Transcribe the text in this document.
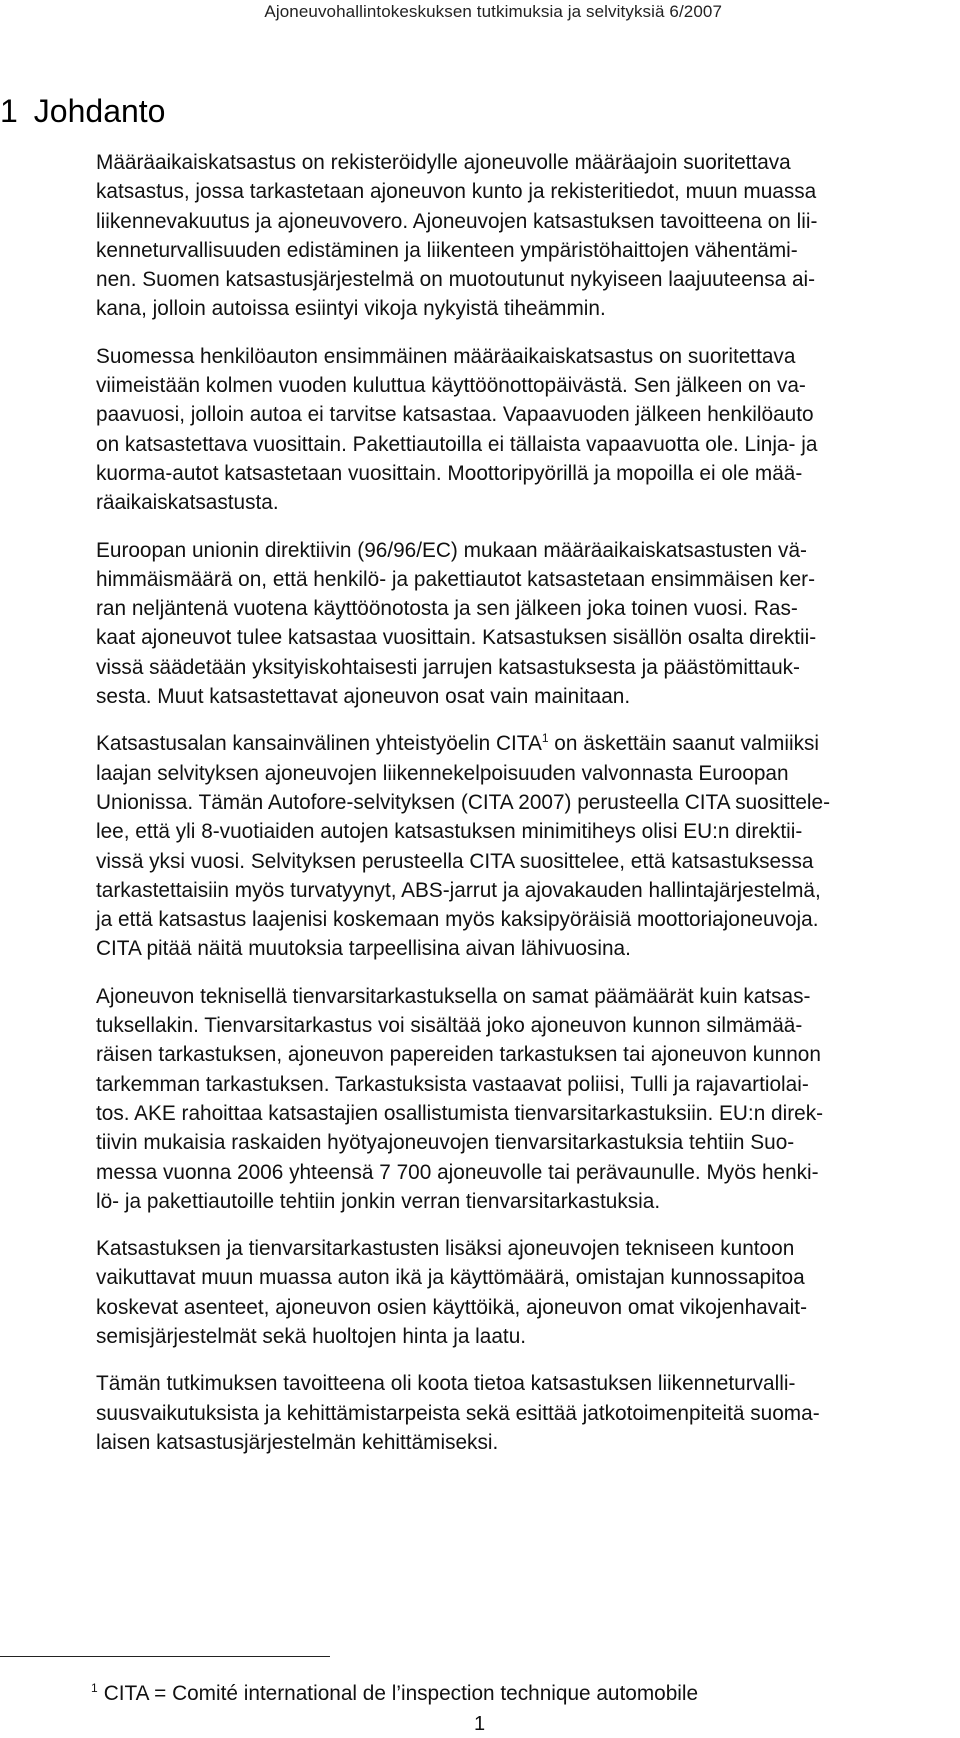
Ajoneuvohallintokeskuksen tutkimuksia ja selvityksiä 6/2007
1 Johdanto

Määräaikaiskatsastus on rekisteröidylle ajoneuvolle määräajoin suoritettava
katsastus, jossa tarkastetaan ajoneuvon kunto ja rekisteritiedot, muun muassa
liikennevakuutus ja ajoneuvovero. Ajoneuvojen katsastuksen tavoitteena on lii-
kenneturvallisuuden edistäminen ja liikenteen ympäristöhaittojen vähentämi-
nen. Suomen katsastusjärjestelmä on muotoutunut nykyiseen laajuuteensa ai-
kana, jolloin autoissa esiintyi vikoja nykyistä tiheämmin.

Suomessa henkilöauton ensimmäinen määräaikaiskatsastus on suoritettava
viimeistään kolmen vuoden kuluttua käyttöönottopäivästä. Sen jälkeen on va-
paavuosi, jolloin autoa ei tarvitse katsastaa. Vapaavuoden jälkeen henkilöauto
on katsastettava vuosittain. Pakettiautoilla ei tällaista vapaavuotta ole. Linja- ja
kuorma-autot katsastetaan vuosittain. Moottoripyörillä ja mopoilla ei ole mää-
räaikaiskatsastusta.

Euroopan unionin direktiivin (96/96/EC) mukaan määräaikaiskatsastusten vä-
himmäismäärä on, että henkilö- ja pakettiautot katsastetaan ensimmäisen ker-
ran neljäntenä vuotena käyttöönotosta ja sen jälkeen joka toinen vuosi. Ras-
kaat ajoneuvot tulee katsastaa vuosittain. Katsastuksen sisällön osalta direktii-
vissä säädetään yksityiskohtaisesti jarrujen katsastuksesta ja päästömittauk-
sesta. Muut katsastettavat ajoneuvon osat vain mainitaan.

Katsastusalan kansainvälinen yhteistyöelin CITA$^1$ on äskettäin saanut valmiiksi
laajan selvityksen ajoneuvojen liikennekelpoisuuden valvonnasta Euroopan
Unionissa. Tämän Autofore-selvityksen (CITA 2007) perusteella CITA suosittele-
lee, että yli 8-vuotiaiden autojen katsastuksen minimitiheys olisi EU:n direktii-
vissä yksi vuosi. Selvityksen perusteella CITA suosittelee, että katsastuksessa
tarkastettaisiin myös turvatyynyt, ABS-jarrut ja ajovakauden hallintajärjestelmä,
ja että katsastus laajenisi koskemaan myös kaksipyöräisiä moottoriajoneuvoja.
CITA pitää näitä muutoksia tarpeellisina aivan lähivuosina.

Ajoneuvon teknisellä tienvarsitarkastuksella on samat päämäärät kuin katsas-
tuksellakin. Tienvarsitarkastus voi sisältää joko ajoneuvon kunnon silmämää-
räisen tarkastuksen, ajoneuvon papereiden tarkastuksen tai ajoneuvon kunnon
tarkemman tarkastuksen. Tarkastuksista vastaavat poliisi, Tulli ja rajavartiolai-
tos. AKE rahoittaa katsastajien osallistumista tienvarsitarkastuksiin. EU:n direk-
tiivin mukaisia raskaiden hyötyajoneuvojen tienvarsitarkastuksia tehtiin Suo-
messa vuonna 2006 yhteensä 7 700 ajoneuvolle tai perävaunulle. Myös henki-
lö- ja pakettiautoille tehtiin jonkin verran tienvarsitarkastuksia.

Katsastuksen ja tienvarsitarkastusten lisäksi ajoneuvojen tekniseen kuntoon
vaikuttavat muun muassa auton ikä ja käyttömäärä, omistajan kunnossapitoa
koskevat asenteet, ajoneuvon osien käyttöikä, ajoneuvon omat vikojenhavait-
semisjärjestelmät sekä huoltojen hinta ja laatu.

Tämän tutkimuksen tavoitteena oli koota tietoa katsastuksen liikenneturvalli-
suusvaikutuksista ja kehittämistarpeista sekä esittää jatkotoimenpiteitä suoma-
laisen katsastusjärjestelmän kehittämiseksi.

$^1$ CITA = Comité international de l’inspection technique automobile
1
